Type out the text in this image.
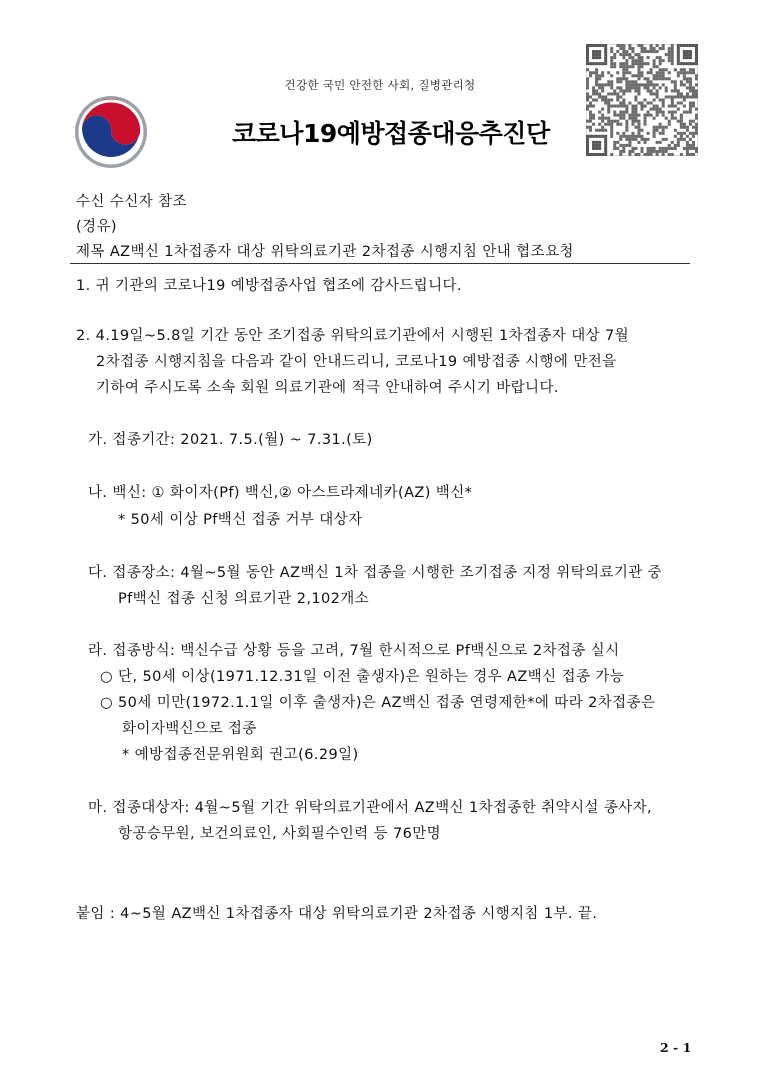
건강한 국민 안전한 사회, 질병관리청
코로나19예방접종대응추진단
수신 수신자 참조
(경유)
제목 AZ백신 1차접종자 대상 위탁의료기관 2차접종 시행지침 안내 협조요청
1. 귀 기관의 코로나19 예방접종사업 협조에 감사드립니다.
2. 4.19일~5.8일 기간 동안 조기접종 위탁의료기관에서 시행된 1차접종자 대상 7월
2차접종 시행지침을 다음과 같이 안내드리니, 코로나19 예방접종 시행에 만전을
기하여 주시도록 소속 회원 의료기관에 적극 안내하여 주시기 바랍니다.
가. 접종기간: 2021. 7.5.(월) ~ 7.31.(토)
나. 백신: ① 화이자(Pf) 백신,② 아스트라제네카(AZ) 백신*
* 50세 이상 Pf백신 접종 거부 대상자
다. 접종장소: 4월~5월 동안 AZ백신 1차 접종을 시행한 조기접종 지정 위탁의료기관 중
Pf백신 접종 신청 의료기관 2,102개소
라. 접종방식: 백신수급 상황 등을 고려, 7월 한시적으로 Pf백신으로 2차접종 실시
○ 단, 50세 이상(1971.12.31일 이전 출생자)은 원하는 경우 AZ백신 접종 가능
○ 50세 미만(1972.1.1일 이후 출생자)은 AZ백신 접종 연령제한*에 따라 2차접종은
화이자백신으로 접종
* 예방접종전문위원회 권고(6.29일)
마. 접종대상자: 4월~5월 기간 위탁의료기관에서 AZ백신 1차접종한 취약시설 종사자,
항공승무원, 보건의료인, 사회필수인력 등 76만명
붙임 : 4~5월 AZ백신 1차접종자 대상 위탁의료기관 2차접종 시행지침 1부. 끝.
2 - 1
